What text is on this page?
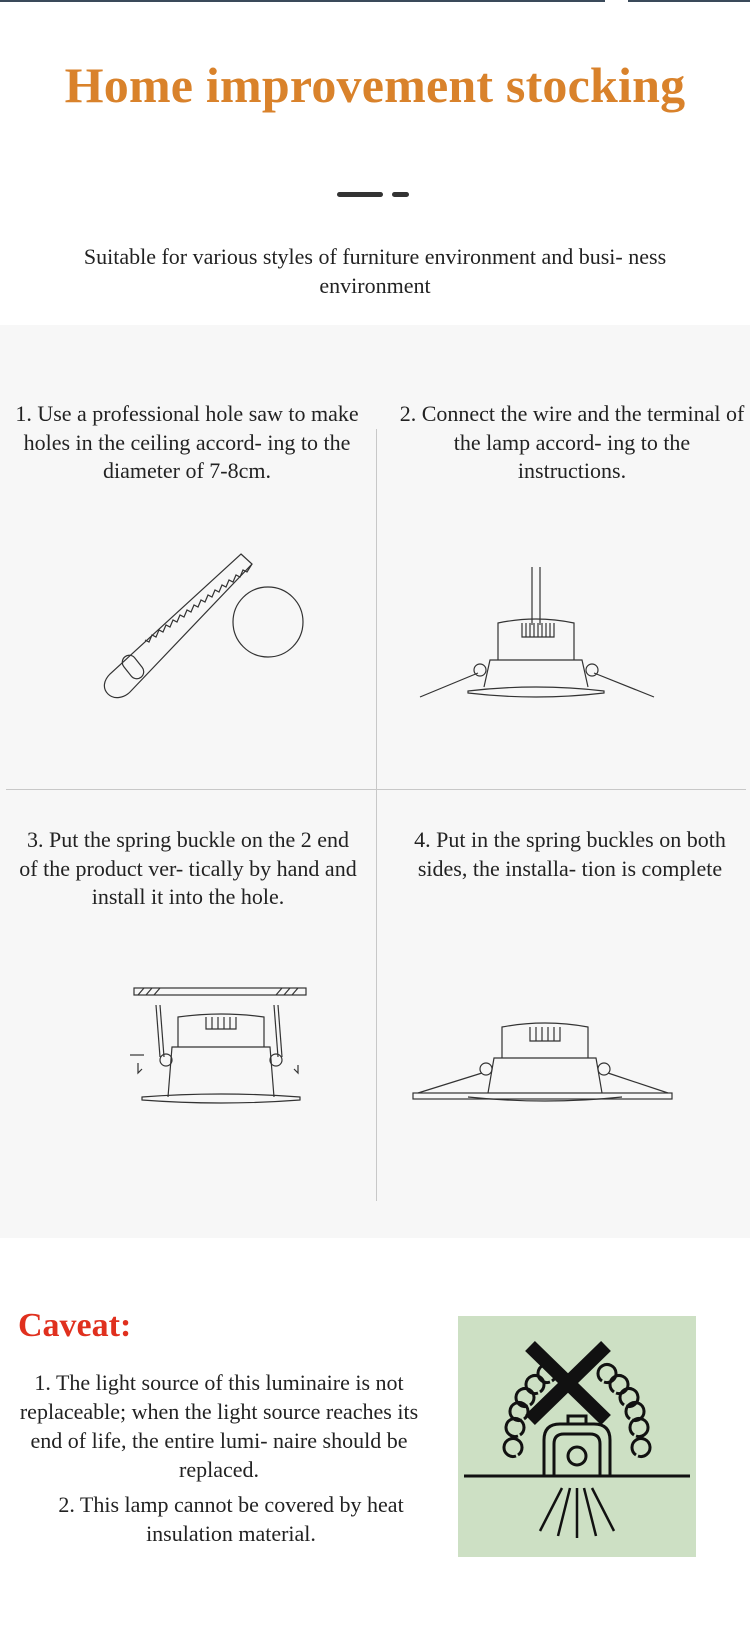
Home improvement stocking

Suitable for various styles of furniture environment and busi- ness environment

1. Use a professional hole saw to make holes in the ceiling accord- ing to the diameter of 7-8cm.

2. Connect the wire and the terminal of the lamp accord- ing to the instructions.

3. Put the spring buckle on the 2 end of the product ver- tically by hand and install it into the hole.

4. Put in the spring buckles on both sides, the installa- tion is complete

Caveat:

1. The light source of this luminaire is not replaceable; when the light source reaches its end of life, the entire lumi- naire should be replaced.

2. This lamp cannot be covered by heat insulation material.
